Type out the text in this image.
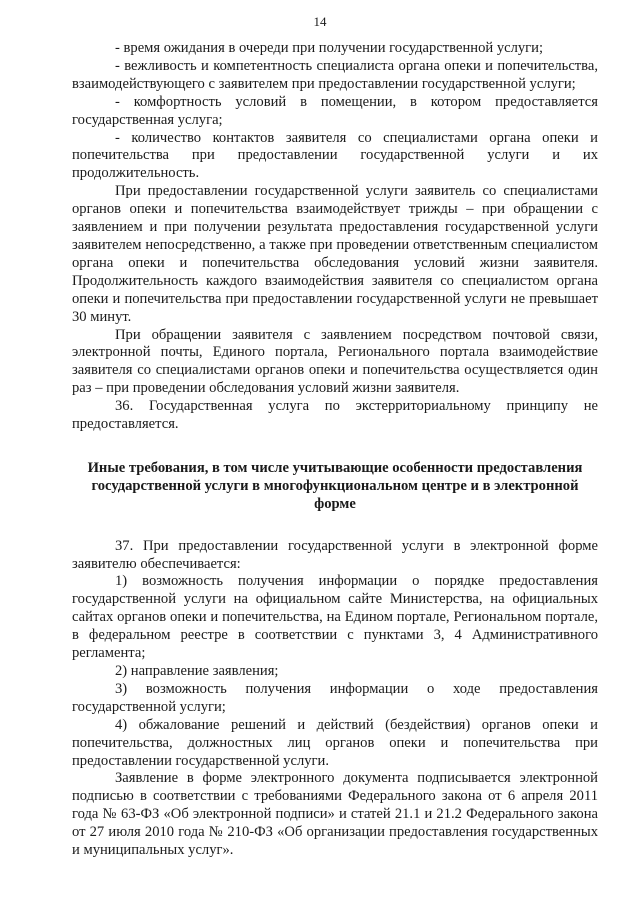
14

- время ожидания в очереди при получении государственной услуги;

- вежливость и компетентность специалиста органа опеки и попечительства, взаимодействующего с заявителем при предоставлении государственной услуги;

- комфортность условий в помещении, в котором предоставляется государственная услуга;

- количество контактов заявителя со специалистами органа опеки и попечительства при предоставлении государственной услуги и их продолжительность.

При предоставлении государственной услуги заявитель со специалистами органов опеки и попечительства взаимодействует трижды – при обращении с заявлением и при получении результата предоставления государственной услуги заявителем непосредственно, а также при проведении ответственным специалистом органа опеки и попечительства обследования условий жизни заявителя. Продолжительность каждого взаимодействия заявителя со специалистом органа опеки и попечительства при предоставлении государственной услуги не превышает 30 минут.

При обращении заявителя с заявлением посредством почтовой связи, электронной почты, Единого портала, Регионального портала взаимодействие заявителя со специалистами органов опеки и попечительства осуществляется один раз – при проведении обследования условий жизни заявителя.

36. Государственная услуга по экстерриториальному принципу не предоставляется.

Иные требования, в том числе учитывающие особенности предоставления государственной услуги в многофункциональном центре и в электронной форме

37. При предоставлении государственной услуги в электронной форме заявителю обеспечивается:

1) возможность получения информации о порядке предоставления государственной услуги на официальном сайте Министерства, на официальных сайтах органов опеки и попечительства, на Едином портале, Региональном портале, в федеральном реестре в соответствии с пунктами 3, 4 Административного регламента;

2) направление заявления;

3) возможность получения информации о ходе предоставления государственной услуги;

4) обжалование решений и действий (бездействия) органов опеки и попечительства, должностных лиц органов опеки и попечительства при предоставлении государственной услуги.

Заявление в форме электронного документа подписывается электронной подписью в соответствии с требованиями Федерального закона от 6 апреля 2011 года № 63-ФЗ «Об электронной подписи» и статей 21.1 и 21.2 Федерального закона от 27 июля 2010 года № 210-ФЗ «Об организации предоставления государственных и муниципальных услуг».
